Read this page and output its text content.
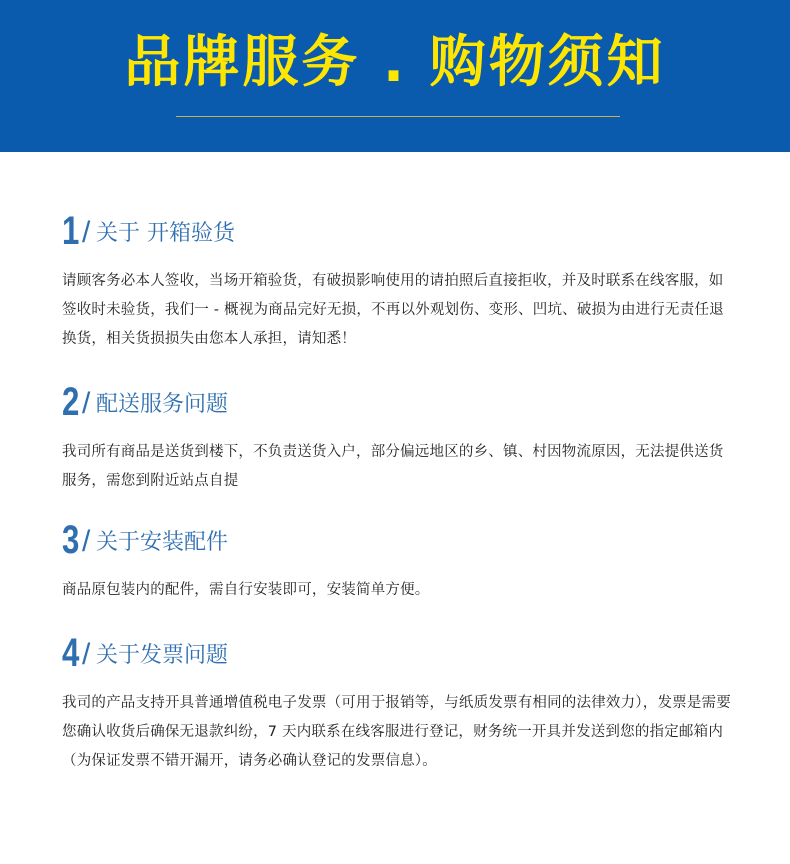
品牌服务 . 购物须知
1 / 关于 开箱验货
请顾客务必本人签收，当场开箱验货，有破损影响使用的请拍照后直接拒收，并及时联系在线客服，如签收时未验货，我们一 - 概视为商品完好无损，不再以外观划伤、变形、凹坑、破损为由进行无责任退换货，相关货损损失由您本人承担，请知悉！
2 / 配送服务问题
我司所有商品是送货到楼下，不负责送货入户，部分偏远地区的乡、镇、村因物流原因，无法提供送货服务，需您到附近站点自提
3 / 关于安装配件
商品原包装内的配件，需自行安装即可，安装简单方便。
4 / 关于发票问题
我司的产品支持开具普通增值税电子发票（可用于报销等，与纸质发票有相同的法律效力），发票是需要您确认收货后确保无退款纠纷，7 天内联系在线客服进行登记，财务统一开具并发送到您的指定邮箱内（为保证发票不错开漏开，请务必确认登记的发票信息）。
